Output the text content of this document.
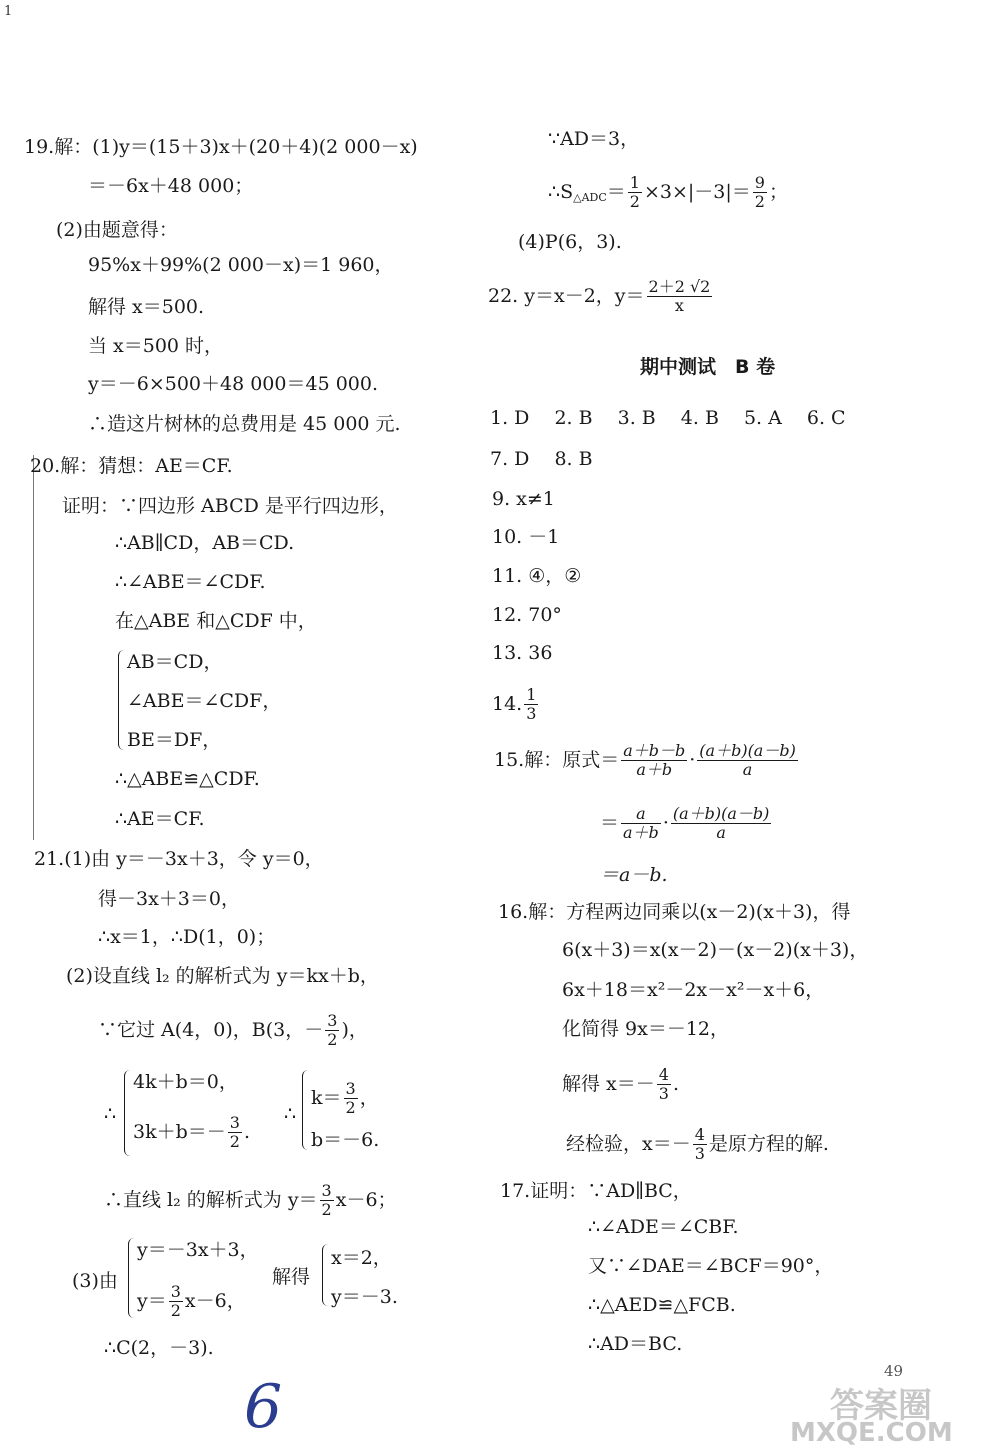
1
19.解：(1)y＝(15＋3)x＋(20＋4)(2 000－x)
＝－6x＋48 000；
(2)由题意得：
95%x＋99%(2 000－x)＝1 960，
解得 x＝500.
当 x＝500 时，
y＝－6×500＋48 000＝45 000.
∴造这片树林的总费用是 45 000 元.
20.解：猜想：AE＝CF.
证明：∵四边形 ABCD 是平行四边形，
∴AB∥CD，AB＝CD.
∴∠ABE＝∠CDF.
在△ABE 和△CDF 中，
AB＝CD，
∠ABE＝∠CDF，
BE＝DF，
∴△ABE≌△CDF.
∴AE＝CF.
21.(1)由 y＝－3x＋3，令 y＝0，
得－3x＋3＝0，
∴x＝1，∴D(1，0)；
(2)设直线 l₂ 的解析式为 y＝kx＋b，
∵它过 A(4，0)，B(3，－ $\frac{3}{2}$ )，
∴
4k＋b＝0，
$3k+b=- \frac{3}{2}$ .
∴
$k= \frac{3}{2}$ ，
b＝－6.
∴直线 l₂ 的解析式为 $y= \frac{3}{2} x-6$；
(3)由
y＝－3x＋3，
$y= \frac{3}{2} x-6$，
解得
x＝2，
y＝－3.
∴C(2，－3).
∵AD＝3，
$\therefore S_{\triangle ADC}= \frac{1}{2} \times 3\times|-3|= \frac{9}{2}$ ；
(4)P(6，3).
22. y＝x－2，$y= \frac{2+2 √2}{x}$
期中测试　B 卷
1. D　 2. B　 3. B　 4. B　 5. A　 6. C
7. D　 8. B
9. x≠1
10. －1
11. ④，②
12. 70°
13. 36
14. $\frac{1}{3}$
15.解：原式＝ $\frac{a+b-b}{a+b} \cdot \frac{(a+b)(a-b)}{a}$
＝ $\frac{a}{a+b} \cdot \frac{(a+b)(a-b)}{a}$
＝a－b.
16.解：方程两边同乘以(x－2)(x＋3)，得
6(x＋3)＝x(x－2)－(x－2)(x＋3)，
6x＋18＝x²－2x－x²－x＋6，
化简得 9x＝－12，
解得 $x=- \frac{4}{3}$ .
经检验，$x=- \frac{4}{3}$ 是原方程的解.
17.证明：∵AD∥BC，
∴∠ADE＝∠CBF.
又∵∠DAE＝∠BCF＝90°，
∴△AED≌△FCB.
∴AD＝BC.
49
6	答案圈
MXQE.COM
